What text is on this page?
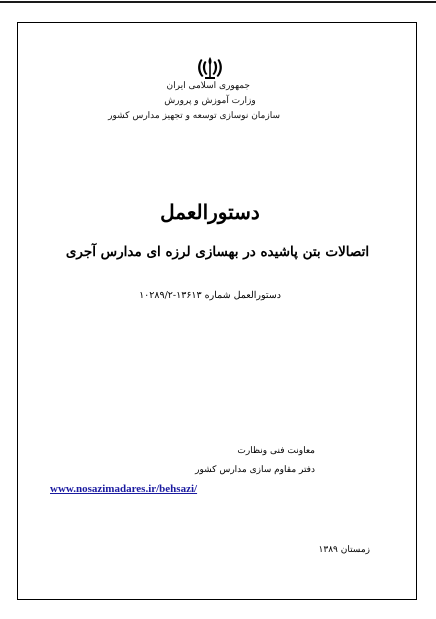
جمهوری اسلامی ایران
وزارت آموزش و پرورش
سازمان نوسازی توسعه و تجهیز مدارس کشور
دستورالعمل
اتصالات بتن پاشیده در بهسازی لرزه ای مدارس آجری
دستورالعمل شماره ۱۳۶۱۳-۱۰۲۸۹/۲
معاونت فنی ونظارت
دفتر مقاوم سازی مدارس کشور
www.nosazimadares.ir/behsazi/
زمستان ۱۳۸۹
